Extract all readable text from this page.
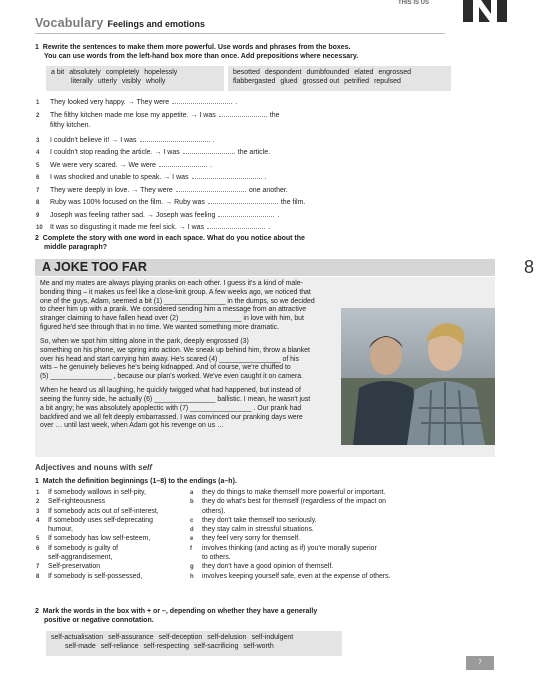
THIS IS US
Vocabulary Feelings and emotions
1 Rewrite the sentences to make them more powerful. Use words and phrases from the boxes.
You can use words from the left-hand box more than once. Add prepositions where necessary.
a bit absolutely completely hopelessly
literally utterly visibly wholly
besotted despondent dumbfounded elated engrossed
flabbergasted glued grossed out petrified repulsed
1 They looked very happy. → They were	.
2 The filthy kitchen made me lose my appetite. → I was	the
filthy kitchen.
3 I couldn't believe it! → I was	.
4 I couldn't stop reading the article. → I was	the article.
5 We were very scared. → We were	.
6 I was shocked and unable to speak. → I was	.
7 They were deeply in love. → They were	one another.
8 Ruby was 100% focused on the film. → Ruby was	the film.
9 Joseph was feeling rather sad. → Joseph was feeling	.
10 It was so disgusting it made me feel sick. → I was	.
2 Complete the story with one word in each space. What do you notice about the
middle paragraph?
A JOKE TOO FAR	8

Me and my mates are always playing pranks on each other. I guess it's a kind of male-

bonding thing – it makes us feel like a close-knit group. A few weeks ago, we noticed that

one of the guys, Adam, seemed a bit (1) ________________ in the dumps, so we decided

to cheer him up with a prank. We considered sending him a message from an attractive

stranger claiming to have fallen head over (2) ________________ in love with him, but

figured he'd see through that in no time. We wanted something more dramatic.

So, when we spot him sitting alone in the park, deeply engrossed (3)

something on his phone, we spring into action. We sneak up behind him, throw a blanket

over his head and start carrying him away. He's scared (4) ________________ of his

wits – he genuinely believes he's being kidnapped. And of course, we're chuffed to

(5) ________________ , because our plan's worked. We've even caught it on camera.

When he heard us all laughing, he quickly twigged what had happened, but instead of

seeing the funny side, he actually (6) ________________ ballistic. I mean, he wasn't just

a bit angry; he was absolutely apoplectic with (7) ________________ . Our prank had

backfired and we all felt deeply embarrassed. I was convinced our pranking days were

over … until last week, when Adam got his revenge on us …

Adjectives and nouns with self
1 Match the definition beginnings (1–8) to the endings (a–h).
1 If somebody wallows in self-pity,
2 Self-righteousness
3 If somebody acts out of self-interest,
4 If somebody uses self-deprecating
humour,
5 If somebody has low self-esteem,
6 If somebody is guilty of
self-aggrandisement,
7 Self-preservation
8 If somebody is self-possessed,
a they do things to make themself more powerful or important.
b they do what's best for themself (regardless of the impact on
others).
c they don't take themself too seriously.
d they stay calm in stressful situations.
e they feel very sorry for themself.
f involves thinking (and acting as if) you're morally superior
to others.
g they don't have a good opinion of themself.
h involves keeping yourself safe, even at the expense of others.
2 Mark the words in the box with + or –, depending on whether they have a generally
positive or negative connotation.
self-actualisation self-assurance self-deception self-delusion self-indulgent
self-made self-reliance self-respecting self-sacrificing self-worth
7
